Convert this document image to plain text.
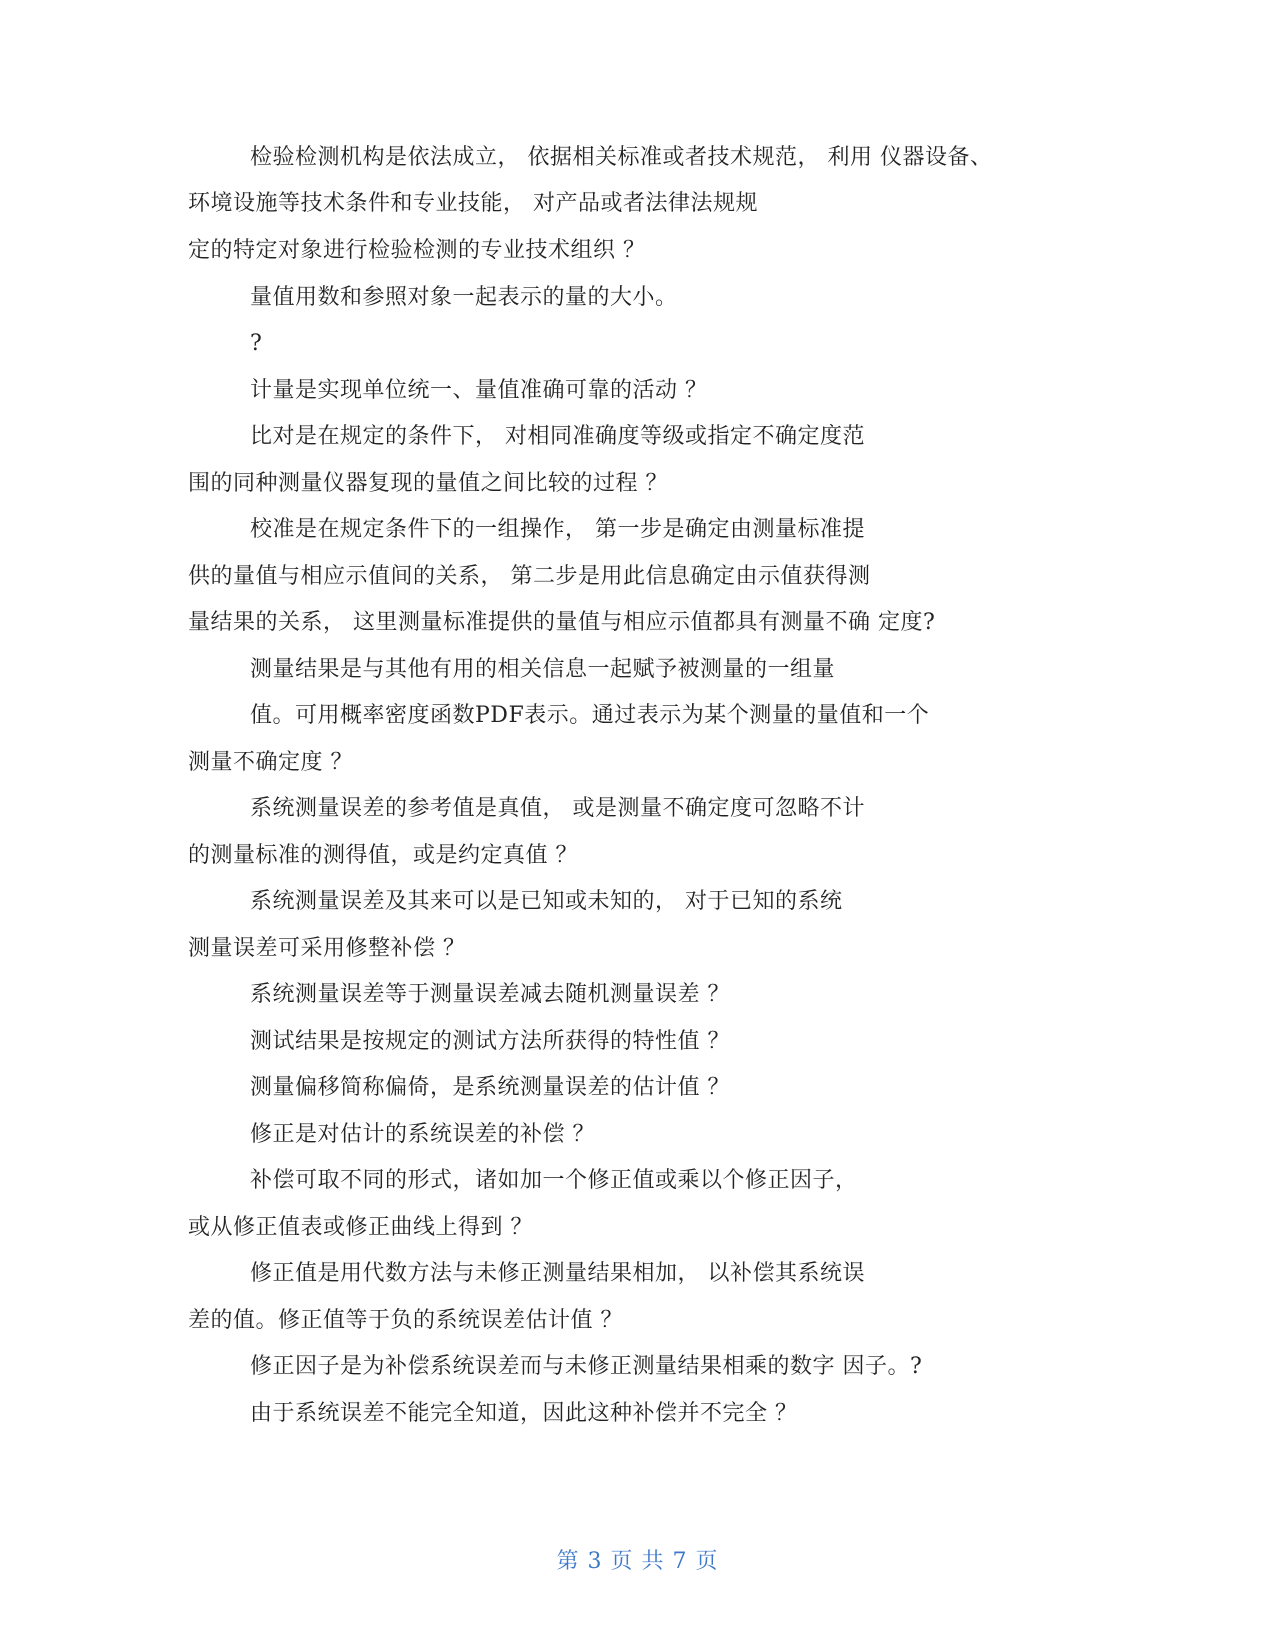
检验检测机构是依法成立， 依据相关标准或者技术规范， 利用 仪器设备、
环境设施等技术条件和专业技能， 对产品或者法律法规规
定的特定对象进行检验检测的专业技术组织 ？
量值用数和参照对象一起表示的量的大小。
?
计量是实现单位统一、量值准确可靠的活动 ？
比对是在规定的条件下， 对相同准确度等级或指定不确定度范
围的同种测量仪器复现的量值之间比较的过程 ？
校准是在规定条件下的一组操作， 第一步是确定由测量标准提
供的量值与相应示值间的关系， 第二步是用此信息确定由示值获得测
量结果的关系， 这里测量标准提供的量值与相应示值都具有测量不确 定度?
测量结果是与其他有用的相关信息一起赋予被测量的一组量
值。可用概率密度函数PDF表示。通过表示为某个测量的量值和一个
测量不确定度 ？
系统测量误差的参考值是真值， 或是测量不确定度可忽略不计
的测量标准的测得值，或是约定真值 ？
系统测量误差及其来可以是已知或未知的， 对于已知的系统
测量误差可采用修整补偿 ？
系统测量误差等于测量误差减去随机测量误差 ？
测试结果是按规定的测试方法所获得的特性值 ？
测量偏移简称偏倚，是系统测量误差的估计值 ？
修正是对估计的系统误差的补偿 ？
补偿可取不同的形式，诸如加一个修正值或乘以个修正因子，
或从修正值表或修正曲线上得到 ？
修正值是用代数方法与未修正测量结果相加， 以补偿其系统误
差的值。修正值等于负的系统误差估计值 ？
修正因子是为补偿系统误差而与未修正测量结果相乘的数字 因子。?
由于系统误差不能完全知道，因此这种补偿并不完全 ？
第 3 页 共 7 页
